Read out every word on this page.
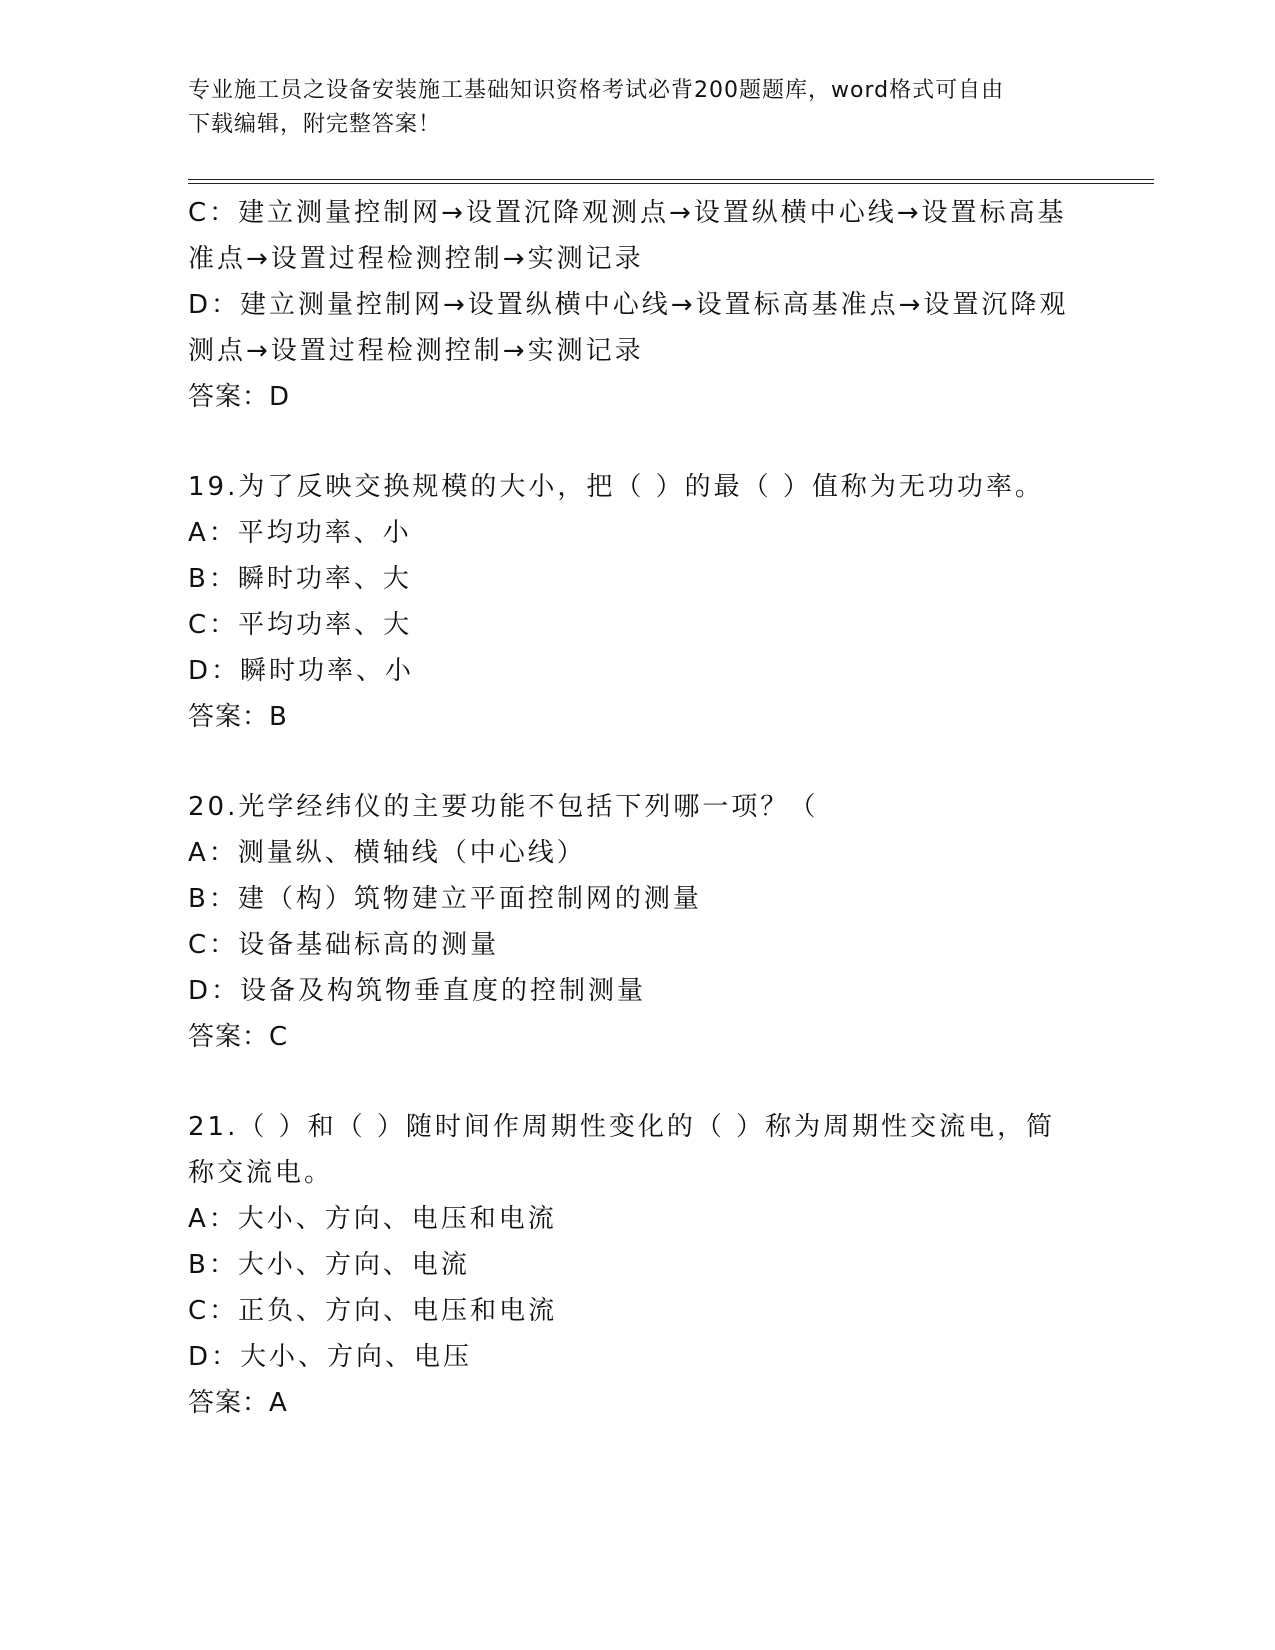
专业施工员之设备安装施工基础知识资格考试必背200题题库，word格式可自由
下载编辑，附完整答案！
C：建立测量控制网→设置沉降观测点→设置纵横中心线→设置标高基
准点→设置过程检测控制→实测记录
D：建立测量控制网→设置纵横中心线→设置标高基准点→设置沉降观
测点→设置过程检测控制→实测记录
答案：D
19.为了反映交换规模的大小，把（ ）的最（ ）值称为无功功率。
A：平均功率、小
B：瞬时功率、大
C：平均功率、大
D：瞬时功率、小
答案：B
20.光学经纬仪的主要功能不包括下列哪一项？（
A：测量纵、横轴线（中心线）
B：建（构）筑物建立平面控制网的测量
C：设备基础标高的测量
D：设备及构筑物垂直度的控制测量
答案：C
21.（ ）和（ ）随时间作周期性变化的（ ）称为周期性交流电，简
称交流电。
A：大小、方向、电压和电流
B：大小、方向、电流
C：正负、方向、电压和电流
D：大小、方向、电压
答案：A
